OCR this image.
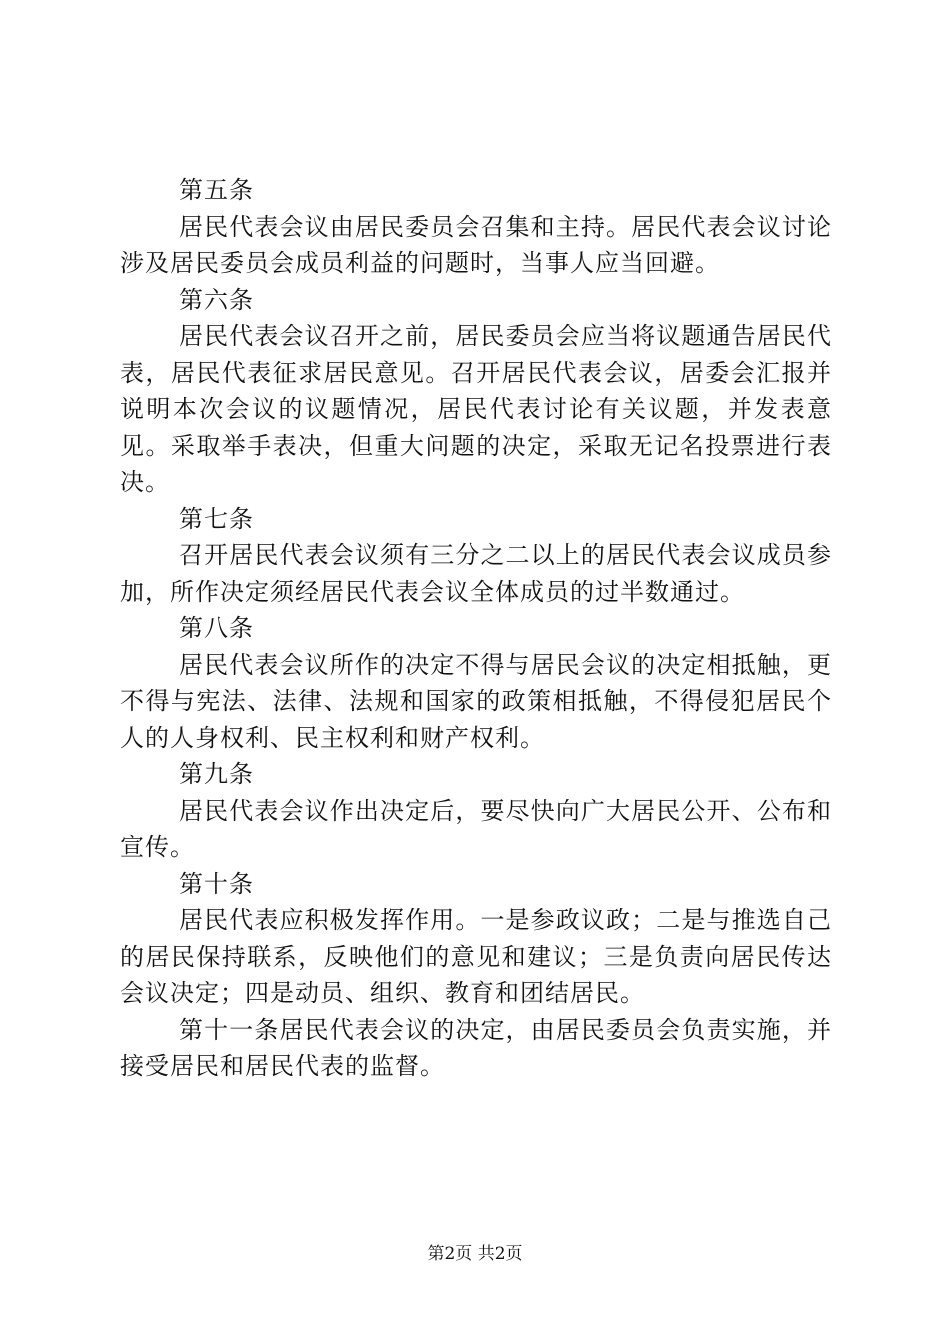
第五条

居民代表会议由居民委员会召集和主持。居民代表会议讨论涉及居民委员会成员利益的问题时，当事人应当回避。

第六条

居民代表会议召开之前，居民委员会应当将议题通告居民代表，居民代表征求居民意见。召开居民代表会议，居委会汇报并说明本次会议的议题情况，居民代表讨论有关议题，并发表意见。采取举手表决，但重大问题的决定，采取无记名投票进行表决。

第七条

召开居民代表会议须有三分之二以上的居民代表会议成员参加，所作决定须经居民代表会议全体成员的过半数通过。

第八条

居民代表会议所作的决定不得与居民会议的决定相抵触，更不得与宪法、法律、法规和国家的政策相抵触，不得侵犯居民个人的人身权利、民主权利和财产权利。

第九条

居民代表会议作出决定后，要尽快向广大居民公开、公布和宣传。

第十条

居民代表应积极发挥作用。一是参政议政；二是与推选自己的居民保持联系，反映他们的意见和建议；三是负责向居民传达会议决定；四是动员、组织、教育和团结居民。

第十一条居民代表会议的决定，由居民委员会负责实施，并接受居民和居民代表的监督。

第2页 共2页
